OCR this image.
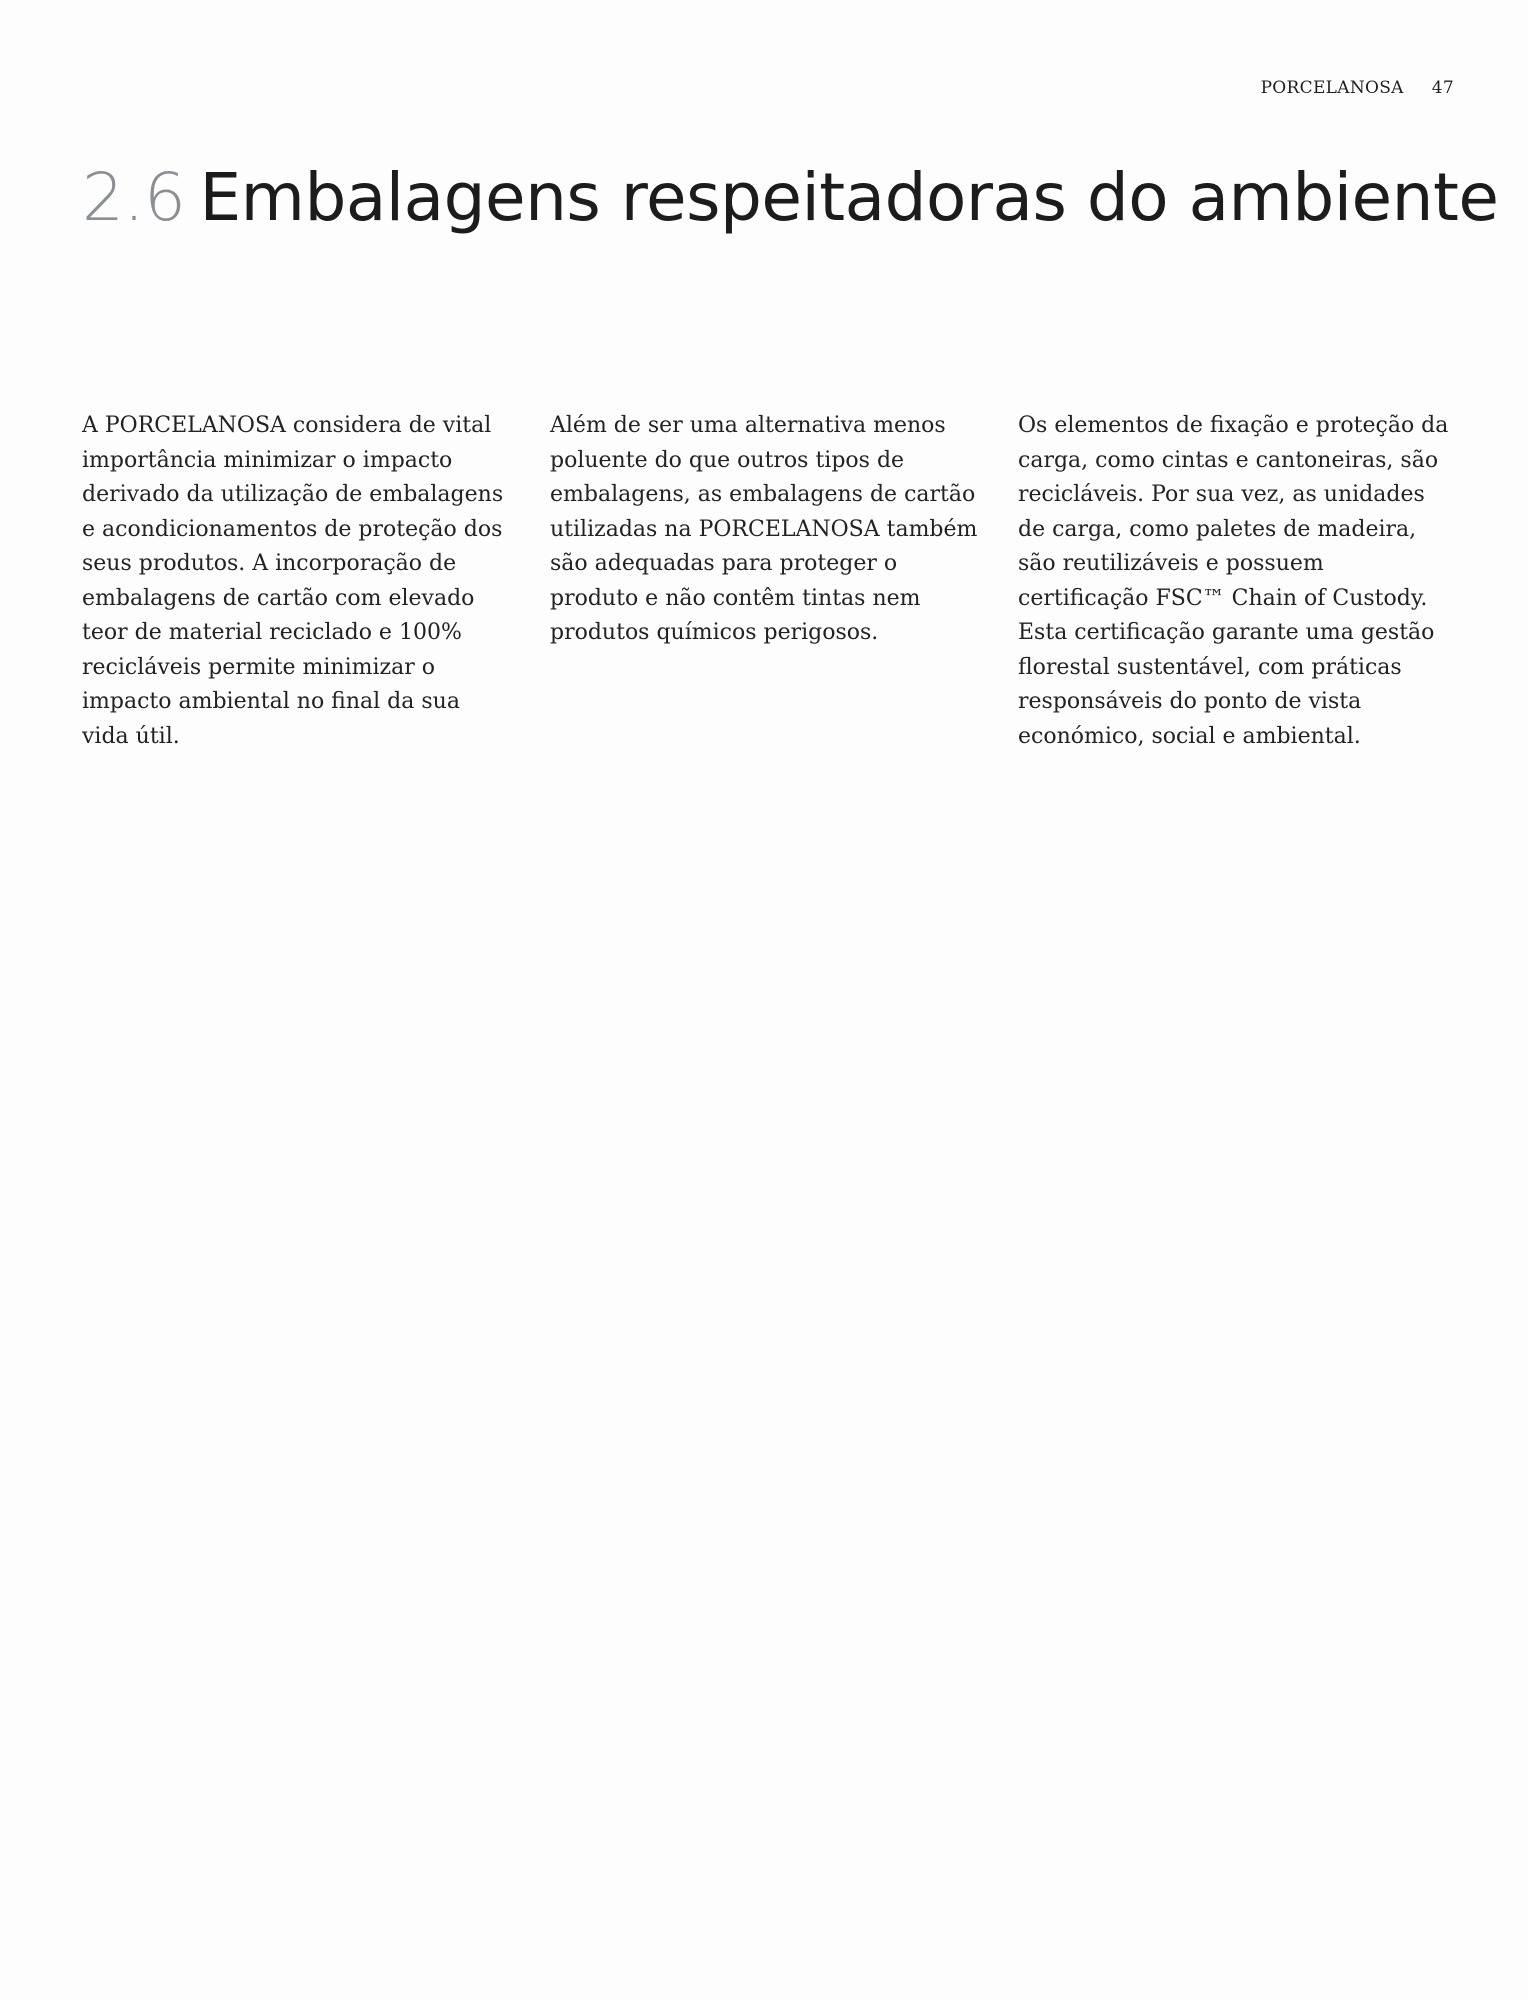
PORCELANOSA 47
2.6 Embalagens respeitadoras do ambiente

A PORCELANOSA considera de vital importância minimizar o impacto derivado da utilização de embalagens e acondicionamentos de proteção dos seus produtos. A incorporação de embalagens de cartão com elevado teor de material reciclado e 100% recicláveis permite minimizar o impacto ambiental no final da sua vida útil.

Além de ser uma alternativa menos poluente do que outros tipos de embalagens, as embalagens de cartão utilizadas na PORCELANOSA também são adequadas para proteger o produto e não contêm tintas nem produtos químicos perigosos.

Os elementos de fixação e proteção da carga, como cintas e cantoneiras, são recicláveis. Por sua vez, as unidades de carga, como paletes de madeira, são reutilizáveis e possuem certificação FSC™ Chain of Custody. Esta certificação garante uma gestão florestal sustentável, com práticas responsáveis do ponto de vista económico, social e ambiental.
